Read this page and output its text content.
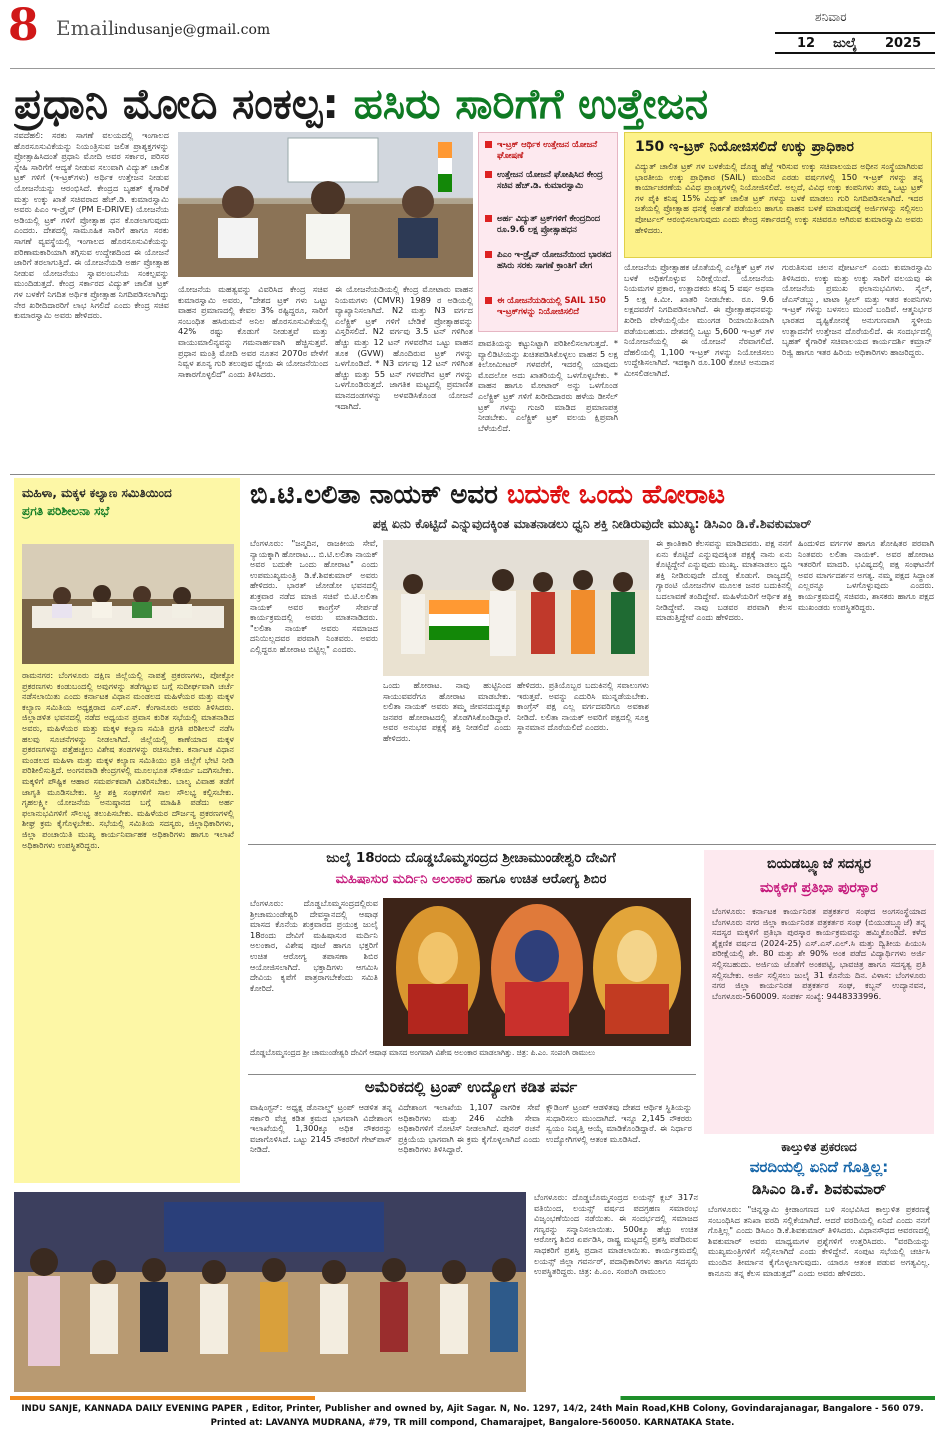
8 Email indusanje@gmail.com
ಶನಿವಾರ
12 ಜುಲೈ 2025
ಪ್ರಧಾನಿ ಮೋದಿ ಸಂಕಲ್ಪ: ಹಸಿರು ಸಾರಿಗೆಗೆ ಉತ್ತೇಜನ
ನವದೆಹಲಿ: ಸರಕು ಸಾಗಣೆ ವಲಯದಲ್ಲಿ ಇಂಗಾಲದ ಹೊರಸೂಸುವಿಕೆಯನ್ನು ನಿಯಂತ್ರಿಸುವ ಜಲಿತ ಪ್ರಾಶ್ಯಕ್ತಗಳನ್ನು ಪ್ರೋತ್ಸಾಹಿಸಿದಂತೆ ಪ್ರಧಾನಿ ಮೋದಿ ಅವರ ಸರ್ಕಾರ, ಪರಿಸರ ಸ್ನೇಹಿ ಸಾರಿಗೆಗೆ ಆದ್ಯತೆ ನೀಡುವ ಸಲುವಾಗಿ ವಿದ್ಯುತ್ ಚಾಲಿತ ಟ್ರಕ್ ಗಳಿಗೆ (ಇ-ಟ್ರಕ್‌ಗಳು) ಅರ್ಥಿಕ ಉತ್ತೇಜನ ನೀಡುವ ಯೋಜನೆಯನ್ನು ಆರಂಭಿಸಿದೆ. ಕೇಂದ್ರದ ಬೃಹತ್ ಕೈಗಾರಿಕೆ ಮತ್ತು ಉಕ್ಕು ಖಾತೆ ಸಚಿವರಾದ ಹೆಚ್.ಡಿ. ಕುಮಾರಸ್ವಾಮಿ ಅವರು ಪಿಎಂ ಇ-ಡ್ರೈವ್ (PM E-DRIVE) ಯೋಜನೆಯ ಅಡಿಯಲ್ಲಿ ಟ್ರಕ್ ಗಳಿಗೆ ಪ್ರೋತ್ಸಾಹ ಧನ ಕೊಡಲಾಗುವುದು ಎಂದರು. ದೇಶದಲ್ಲಿ ಸಾಮೂಹಿಕ ಸಾರಿಗೆ ಹಾಗೂ ಸರಕು ಸಾಗಣೆ ವ್ಯವಸ್ಥೆಯಲ್ಲಿ ಇಂಗಾಲದ ಹೊರಸೂಸುವಿಕೆಯನ್ನು ಪರಿಣಾಮಕಾರಿಯಾಗಿ ತಗ್ಗಿಸುವ ಉದ್ದೇಶದಿಂದ ಈ ಯೋಜನೆ ಜಾರಿಗೆ ತರಲಾಗುತ್ತಿದೆ. ಈ ಯೋಜನೆಯಡಿ ಅರ್ಹ ಪ್ರೋತ್ಸಾಹ ನೀಡುವ ಯೋಜನೆಯು ಸ್ವಾವಲಂಬನೆಯ ಸಂಕಲ್ಪವನ್ನು ಮುಂದಿಡುತ್ತದೆ. ಕೇಂದ್ರ ಸರ್ಕಾರದ ವಿದ್ಯುತ್ ಚಾಲಿತ ಟ್ರಕ್ ಗಳ ಬಳಕೆಗೆ ನಿಗದಿತ ಅರ್ಥಿಕ ಪ್ರೋತ್ಸಾಹ ನಿಗದಿಪಡಿಸಲಾಗಿದ್ದು ನೇರ ಖರೀದಿದಾರರಿಗೆ ಲಾಭ ಸಿಗಲಿದೆ ಎಂದು ಕೇಂದ್ರ ಸಚಿವ ಕುಮಾರಸ್ವಾಮಿ ಅವರು ಹೇಳಿದರು.
ಇ-ಟ್ರಕ್ ಆರ್ಥಿಕ ಉತ್ತೇಜನ ಯೋಜನೆ ಘೋಷಣೆ
ಉತ್ತೇಜನ ಯೋಜನೆ ಘೋಷಿಸಿದ ಕೇಂದ್ರ ಸಚಿವ ಹೆಚ್.ಡಿ. ಕುಮಾರಸ್ವಾಮಿ
ಅರ್ಹ ವಿದ್ಯುತ್ ಟ್ರಕ್‌ಗಳಿಗೆ ಕೇಂದ್ರದಿಂದ ರೂ.9.6 ಲಕ್ಷ ಪ್ರೋತ್ಸಾಹಧನ
ಪಿಎಂ ಇ-ಡ್ರೈವ್ ಯೋಜನೆಯಿಂದ ಭಾರತದ ಹಸಿರು ಸರಕು ಸಾಗಣೆ ಕ್ರಾಂತಿಗೆ ವೇಗ
ಈ ಯೋಜನೆಯಡಿಯಲ್ಲಿ SAIL 150 ಇ-ಟ್ರಕ್‌ಗಳನ್ನು ನಿಯೋಜಿಸಲಿದೆ
150 ಇ-ಟ್ರಕ್ ನಿಯೋಜಿಸಲಿದೆ ಉಕ್ಕು ಪ್ರಾಧಿಕಾರ
ವಿದ್ಯುತ್ ಚಾಲಿತ ಟ್ರಕ್ ಗಳ ಬಳಕೆಯಲ್ಲಿ ದೊಡ್ಡ ಹೆಜ್ಜೆ ಇರಿಸುವ ಉಕ್ಕು ಸಚಿವಾಲಯದ ಅಧೀನ ಸಂಸ್ಥೆಯಾಗಿರುವ ಭಾರತೀಯ ಉಕ್ಕು ಪ್ರಾಧಿಕಾರ (SAIL) ಮುಂದಿನ ಎರಡು ವರ್ಷಗಳಲ್ಲಿ 150 ಇ-ಟ್ರಕ್ ಗಳನ್ನು ತನ್ನ ಕಾರ್ಯಾಚರಣೆಯ ವಿವಿಧ ಪ್ರಾಂತ್ಯಗಳಲ್ಲಿ ನಿಯೋಜಿಸಲಿದೆ. ಅಲ್ಲದೆ, ವಿವಿಧ ಉಕ್ಕು ಕಂಪನಿಗಳು ತಮ್ಮ ಒಟ್ಟು ಟ್ರಕ್ ಗಳ ಪೈಕಿ ಕನಿಷ್ಠ 15% ವಿದ್ಯುತ್ ಚಾಲಿತ ಟ್ರಕ್ ಗಳನ್ನು ಬಳಕೆ ಮಾಡಲು ಗುರಿ ನಿಗದಿಪಡಿಸಲಾಗಿದೆ. ಇದರ ಜತೆಯಲ್ಲಿ ಪ್ರೋತ್ಸಾಹ ಧನಕ್ಕೆ ಅರ್ಹತೆ ಪಡೆಯಲು ಹಾಗೂ ವಾಹನ ಬಳಕೆ ಮಾಡುವುದಕ್ಕೆ ಅರ್ಜಿಗಳನ್ನು ಸಲ್ಲಿಸಲು ಪೋರ್ಟಲ್ ಆರಂಭಿಸಲಾಗುವುದು ಎಂದು ಕೇಂದ್ರ ಸರ್ಕಾರದಲ್ಲಿ ಉಕ್ಕು ಸಚಿವರೂ ಆಗಿರುವ ಕುಮಾರಸ್ವಾಮಿ ಅವರು ಹೇಳಿದರು.
ಯೋಜನೆಯ ಮಹತ್ವವನ್ನು ವಿವರಿಸಿದ ಕೇಂದ್ರ ಸಚಿವ ಕುಮಾರಸ್ವಾಮಿ ಅವರು, "ದೇಶದ ಟ್ರಕ್ ಗಳು ಒಟ್ಟು ವಾಹನ ಪ್ರಮಾಣದಲ್ಲಿ ಕೇವಲ 3% ರಷ್ಟಿದ್ದರೂ, ಸಾರಿಗೆ ಸಂಬಂಧಿತ ಹಸಿರುಮನೆ ಅನಿಲ ಹೊರಸೂಸುವಿಕೆಯಲ್ಲಿ 42% ರಷ್ಟು ಕೊಡುಗೆ ನೀಡುತ್ತವೆ ಮತ್ತು ವಾಯುಮಾಲಿನ್ಯವನ್ನು ಗಮನಾರ್ಹವಾಗಿ ಹೆಚ್ಚಿಸುತ್ತವೆ. ಪ್ರಧಾನ ಮಂತ್ರಿ ಮೋದಿ ಅವರ ನೂತನ 2070ರ ವೇಳೆಗೆ ನಿವ್ವಳ ಶೂನ್ಯ ಗುರಿ ತಲುಪುವ ಧ್ಯೇಯ ಈ ಯೋಜನೆಯಿಂದ ಸಾಕಾರಗೊಳ್ಳಲಿದೆ" ಎಂದು ತಿಳಿಸಿದರು.
ಈ ಯೋಜನೆಯಡಿಯಲ್ಲಿ ಕೇಂದ್ರ ಮೋಟಾರು ವಾಹನ ನಿಯಮಗಳು (CMVR) 1989 ರ ಅಡಿಯಲ್ಲಿ ವ್ಯಾಖ್ಯಾನಿಸಲಾಗಿದೆ. N2 ಮತ್ತು N3 ವರ್ಗದ ಎಲೆಕ್ಟ್ರಿಕ್ ಟ್ರಕ್ ಗಳಿಗೆ ಬೇಡಿಕೆ ಪ್ರೋತ್ಸಾಹವನ್ನು ವಿಸ್ತರಿಸಲಿದೆ. N2 ವರ್ಗವು 3.5 ಟನ್ ಗಳಿಗಿಂತ ಹೆಚ್ಚು ಮತ್ತು 12 ಟನ್ ಗಳವರೆಗಿನ ಒಟ್ಟು ವಾಹನ ತೂಕ (GVW) ಹೊಂದಿರುವ ಟ್ರಕ್ ಗಳನ್ನು ಒಳಗೊಂಡಿದೆ. * N3 ವರ್ಗವು 12 ಟನ್ ಗಳಿಗಿಂತ ಹೆಚ್ಚು ಮತ್ತು 55 ಟನ್ ಗಳವರೆಗಿನ ಟ್ರಕ್ ಗಳನ್ನು ಒಳಗೊಂಡಿರುತ್ತದೆ. ಜಾಗತಿಕ ಮಟ್ಟದಲ್ಲಿ ಪ್ರಮಾಣಿತ ಮಾನದಂಡಗಳನ್ನು ಅಳವಡಿಸಿಕೊಂಡ ಯೋಜನೆ ಇದಾಗಿದೆ.
ಪಾವತಿಯನ್ನು ಕಟ್ಟುನಿಟ್ಟಾಗಿ ಪರಿಶೀಲಿಸಲಾಗುತ್ತದೆ. * ವ್ಯಾಲಿಡಿಟಿಯನ್ನು ಖಚಿತಪಡಿಸಿಕೊಳ್ಳಲು ವಾಹನ 5 ಲಕ್ಷ ಕಿಲೋಮೀಟರ್ ಗಳವರೆಗೆ, ಇದರಲ್ಲಿ ಯಾವುದು ಮೊದಲೋ ಅದು ಖಾತರಿಯಲ್ಲಿ ಒಳಗೊಳ್ಳಬೇಕು. * ವಾಹನ ಹಾಗೂ ಮೋಟಾರ್ ಅನ್ನು ಒಳಗೊಂಡ ಎಲೆಕ್ಟ್ರಿಕ್ ಟ್ರಕ್ ಗಳಿಗೆ ಖರೀದಿದಾರರು ಹಳೆಯ ಡೀಸೆಲ್ ಟ್ರಕ್ ಗಳನ್ನು ಗುಜರಿ ಮಾಡಿದ ಪ್ರಮಾಣಪತ್ರ ನೀಡಬೇಕು. ಎಲೆಕ್ಟ್ರಿಕ್ ಟ್ರಕ್ ವಲಯ ಕ್ಷಿಪ್ರವಾಗಿ ಬೆಳೆಯಲಿದೆ.
ಯೋಜನೆಯ ಪ್ರೋತ್ಸಾಹಕ ಜೊತೆಯಲ್ಲಿ ಎಲೆಕ್ಟ್ರಿಕ್ ಟ್ರಕ್ ಗಳ ಬಳಕೆ ಅಧಿಕಗೊಳ್ಳುವ ನಿರೀಕ್ಷೆಯಿದೆ. ಯೋಜನೆಯ ನಿಯಮಗಳ ಪ್ರಕಾರ, ಉತ್ಪಾದಕರು ಕನಿಷ್ಠ 5 ವರ್ಷ ಅಥವಾ 5 ಲಕ್ಷ ಕಿ.ಮೀ. ಖಾತರಿ ನೀಡಬೇಕು. ರೂ. 9.6 ಲಕ್ಷದವರೆಗೆ ನಿಗದಿಪಡಿಸಲಾಗಿದೆ. ಈ ಪ್ರೋತ್ಸಾಹಧನವನ್ನು ಖರೀದಿ ವೇಳೆಯಲ್ಲಿಯೇ ಮುಂಗಡ ರಿಯಾಯಿತಿಯಾಗಿ ಪಡೆಯಬಹುದು. ದೇಶದಲ್ಲಿ ಒಟ್ಟು 5,600 ಇ-ಟ್ರಕ್ ಗಳ ನಿಯೋಜನೆಯಲ್ಲಿ ಈ ಯೋಜನೆ ನೆರವಾಗಲಿದೆ. ದೆಹಲಿಯಲ್ಲಿ 1,100 ಇ-ಟ್ರಕ್ ಗಳನ್ನು ನಿಯೋಜಿಸಲು ಉದ್ದೇಶಿಸಲಾಗಿದೆ. ಇದಕ್ಕಾಗಿ ರೂ.100 ಕೋಟಿ ಅನುದಾನ ಮೀಸಲಿಡಲಾಗಿದೆ.
ಗುರುತಿಸುವ ಚಲನ ಪೋರ್ಟಲ್ ಎಂದು ಕುಮಾರಸ್ವಾಮಿ ತಿಳಿಸಿದರು. ಉಕ್ಕು ಮತ್ತು ಉಕ್ಕು ಸಾರಿಗೆ ವಲಯವು ಈ ಯೋಜನೆಯ ಪ್ರಮುಖ ಫಲಾನುಭವಿಗಳು. ಸೈಲ್, ಜೆಎಸ್‌ಡಬ್ಲ್ಯು, ಟಾಟಾ ಸ್ಟೀಲ್ ಮತ್ತು ಇತರ ಕಂಪನಿಗಳು ಇ-ಟ್ರಕ್ ಗಳನ್ನು ಬಳಸಲು ಮುಂದೆ ಬಂದಿವೆ. ಆತ್ಮನಿರ್ಭರ ಭಾರತದ ದೃಷ್ಟಿಕೋನಕ್ಕೆ ಅನುಗುಣವಾಗಿ ಸ್ಥಳೀಯ ಉತ್ಪಾದನೆಗೆ ಉತ್ತೇಜನ ದೊರೆಯಲಿದೆ. ಈ ಸಂದರ್ಭದಲ್ಲಿ ಬೃಹತ್ ಕೈಗಾರಿಕೆ ಸಚಿವಾಲಯದ ಕಾರ್ಯದರ್ಶಿ ಕಮ್ರಾನ್ ರಿಜ್ವಿ ಹಾಗೂ ಇತರ ಹಿರಿಯ ಅಧಿಕಾರಿಗಳು ಹಾಜರಿದ್ದರು.
ಮಹಿಳಾ, ಮಕ್ಕಳ ಕಲ್ಯಾಣ ಸಮಿತಿಯಿಂದ
ಪ್ರಗತಿ ಪರಿಶೀಲನಾ ಸಭೆ
ರಾಮನಗರ: ಬೆಂಗಳೂರು ದಕ್ಷಿಣ ಜಿಲ್ಲೆಯಲ್ಲಿ ನಾಪತ್ತೆ ಪ್ರಕರಣಗಳು, ಪೋಕ್ಸೋ ಪ್ರಕರಣಗಳು ಕಂಡುಬಂದಲ್ಲಿ ಅವುಗಳನ್ನು ತಡೆಗಟ್ಟುವ ಬಗ್ಗೆ ಸುದೀರ್ಘವಾಗಿ ಚರ್ಚೆ ನಡೆಸಲಾಯಿತು ಎಂದು ಕರ್ನಾಟಕ ವಿಧಾನ ಮಂಡಲದ ಮಹಿಳೆಯರ ಮತ್ತು ಮಕ್ಕಳ ಕಲ್ಯಾಣ ಸಮಿತಿಯ ಅಧ್ಯಕ್ಷರಾದ ಎಸ್.ಎಸ್. ಕೆಂಗಾನೂರು ಅವರು ತಿಳಿಸಿದರು. ಜಿಲ್ಲಾಡಳಿತ ಭವನದಲ್ಲಿ ನಡೆದ ಅಧ್ಯಯನ ಪ್ರವಾಸ ಕುರಿತ ಸಭೆಯಲ್ಲಿ ಮಾತನಾಡಿದ ಅವರು, ಮಹಿಳೆಯರ ಮತ್ತು ಮಕ್ಕಳ ಕಲ್ಯಾಣ ಸಮಿತಿ ಪ್ರಗತಿ ಪರಿಶೀಲನೆ ನಡೆಸಿ ಹಲವು ಸೂಚನೆಗಳನ್ನು ನೀಡಲಾಗಿದೆ. ಜಿಲ್ಲೆಯಲ್ಲಿ ಕಾಣೆಯಾದ ಮಕ್ಕಳ ಪ್ರಕರಣಗಳನ್ನು ಪತ್ತೆಹಚ್ಚಲು ವಿಶೇಷ ತಂಡಗಳನ್ನು ರಚಿಸಬೇಕು. ಕರ್ನಾಟಕ ವಿಧಾನ ಮಂಡಲದ ಮಹಿಳಾ ಮತ್ತು ಮಕ್ಕಳ ಕಲ್ಯಾಣ ಸಮಿತಿಯು ಪ್ರತಿ ಜಿಲ್ಲೆಗೆ ಭೇಟಿ ನೀಡಿ ಪರಿಶೀಲಿಸುತ್ತಿದೆ. ಅಂಗನವಾಡಿ ಕೇಂದ್ರಗಳಲ್ಲಿ ಮೂಲಭೂತ ಸೌಕರ್ಯ ಒದಗಿಸಬೇಕು. ಮಕ್ಕಳಿಗೆ ಪೌಷ್ಟಿಕ ಆಹಾರ ಸಮರ್ಪಕವಾಗಿ ವಿತರಿಸಬೇಕು. ಬಾಲ್ಯ ವಿವಾಹ ತಡೆಗೆ ಜಾಗೃತಿ ಮೂಡಿಸಬೇಕು. ಸ್ತ್ರೀ ಶಕ್ತಿ ಸಂಘಗಳಿಗೆ ಸಾಲ ಸೌಲಭ್ಯ ಕಲ್ಪಿಸಬೇಕು. ಗೃಹಲಕ್ಷ್ಮೀ ಯೋಜನೆಯ ಅನುಷ್ಠಾನದ ಬಗ್ಗೆ ಮಾಹಿತಿ ಪಡೆದು ಅರ್ಹ ಫಲಾನುಭವಿಗಳಿಗೆ ಸೌಲಭ್ಯ ತಲುಪಿಸಬೇಕು. ಮಹಿಳೆಯರ ದೌರ್ಜನ್ಯ ಪ್ರಕರಣಗಳಲ್ಲಿ ಶೀಘ್ರ ಕ್ರಮ ಕೈಗೊಳ್ಳಬೇಕು. ಸಭೆಯಲ್ಲಿ ಸಮಿತಿಯ ಸದಸ್ಯರು, ಜಿಲ್ಲಾಧಿಕಾರಿಗಳು, ಜಿಲ್ಲಾ ಪಂಚಾಯಿತಿ ಮುಖ್ಯ ಕಾರ್ಯನಿರ್ವಾಹಕ ಅಧಿಕಾರಿಗಳು ಹಾಗೂ ಇಲಾಖೆ ಅಧಿಕಾರಿಗಳು ಉಪಸ್ಥಿತರಿದ್ದರು.
ಬಿ.ಟಿ.ಲಲಿತಾ ನಾಯಕ್ ಅವರ ಬದುಕೇ ಒಂದು ಹೋರಾಟ
ಪಕ್ಷ ಏನು ಕೊಟ್ಟಿದೆ ಎನ್ನುವುದಕ್ಕಿಂತ ಮಾತನಾಡಲು ಧ್ವನಿ ಶಕ್ತಿ ನೀಡಿರುವುದೇ ಮುಖ್ಯ: ಡಿಸಿಎಂ ಡಿ.ಕೆ.ಶಿವಕುಮಾರ್
ಬೆಂಗಳೂರು: "ಜನ್ಮದಿನ, ರಾಜಕೀಯ ಸೇವೆ, ನ್ಯಾಯಕ್ಕಾಗಿ ಹೋರಾಟ... ಬಿ.ಟಿ.ಲಲಿತಾ ನಾಯಕ್ ಅವರ ಬದುಕೇ ಒಂದು ಹೋರಾಟ" ಎಂದು ಉಪಮುಖ್ಯಮಂತ್ರಿ ಡಿ.ಕೆ.ಶಿವಕುಮಾರ್ ಅವರು ಹೇಳಿದರು. ಭಾರತ್ ಜೋಡೋ ಭವನದಲ್ಲಿ ಶುಕ್ರವಾರ ನಡೆದ ಮಾಜಿ ಸಚಿವೆ ಬಿ.ಟಿ.ಲಲಿತಾ ನಾಯಕ್ ಅವರ ಕಾಂಗ್ರೆಸ್ ಸೇರ್ಪಡೆ ಕಾರ್ಯಕ್ರಮದಲ್ಲಿ ಅವರು ಮಾತನಾಡಿದರು. "ಲಲಿತಾ ನಾಯಕ್ ಅವರು ಸಮಾಜದ ದನಿಯಿಲ್ಲದವರ ಪರವಾಗಿ ನಿಂತವರು. ಅವರು ಎಲ್ಲಿದ್ದರೂ ಹೋರಾಟ ಬಿಟ್ಟಿಲ್ಲ" ಎಂದರು.
ಒಂದು ಹೋರಾಟ. ನಾವು ಹುಟ್ಟಿನಿಂದ ಸಾಯುವವರೆಗೂ ಹೋರಾಟ ಮಾಡಬೇಕು. ಲಲಿತಾ ನಾಯಕ್ ಅವರು ತಮ್ಮ ಜೀವನದುದ್ದಕ್ಕೂ ಜನಪರ ಹೋರಾಟದಲ್ಲಿ ತೊಡಗಿಸಿಕೊಂಡಿದ್ದಾರೆ. ಅವರ ಅನುಭವ ಪಕ್ಷಕ್ಕೆ ಶಕ್ತಿ ನೀಡಲಿದೆ ಎಂದು ಹೇಳಿದರು.
ಹೇಳಿದರು. ಪ್ರತಿಯೊಬ್ಬರ ಬದುಕಿನಲ್ಲಿ ಸವಾಲುಗಳು ಇರುತ್ತವೆ. ಅವನ್ನು ಎದುರಿಸಿ ಮುನ್ನಡೆಯಬೇಕು. ಕಾಂಗ್ರೆಸ್ ಪಕ್ಷ ಎಲ್ಲ ವರ್ಗದವರಿಗೂ ಅವಕಾಶ ನೀಡಿದೆ. ಲಲಿತಾ ನಾಯಕ್ ಅವರಿಗೆ ಪಕ್ಷದಲ್ಲಿ ಸೂಕ್ತ ಸ್ಥಾನಮಾನ ದೊರೆಯಲಿದೆ ಎಂದರು.
ಈ ಕ್ರಾಂತಿಕಾರಿ ಕೆಲಸವನ್ನು ಮಾಡಿದವರು. ಪಕ್ಷ ನನಗೆ ಏನು ಕೊಟ್ಟಿದೆ ಎನ್ನುವುದಕ್ಕಿಂತ ಪಕ್ಷಕ್ಕೆ ನಾನು ಏನು ಕೊಟ್ಟಿದ್ದೇನೆ ಎನ್ನುವುದು ಮುಖ್ಯ. ಮಾತನಾಡಲು ಧ್ವನಿ ಶಕ್ತಿ ನೀಡಿರುವುದೇ ದೊಡ್ಡ ಕೊಡುಗೆ. ರಾಜ್ಯದಲ್ಲಿ ಗ್ಯಾರಂಟಿ ಯೋಜನೆಗಳ ಮೂಲಕ ಜನರ ಬದುಕಿನಲ್ಲಿ ಬದಲಾವಣೆ ತಂದಿದ್ದೇವೆ. ಮಹಿಳೆಯರಿಗೆ ಆರ್ಥಿಕ ಶಕ್ತಿ ನೀಡಿದ್ದೇವೆ. ನಾವು ಬಡವರ ಪರವಾಗಿ ಕೆಲಸ ಮಾಡುತ್ತಿದ್ದೇವೆ ಎಂದು ಹೇಳಿದರು.
ಹಿಂದುಳಿದ ವರ್ಗಗಳ ಹಾಗೂ ಶೋಷಿತರ ಪರವಾಗಿ ನಿಂತವರು ಲಲಿತಾ ನಾಯಕ್. ಅವರ ಹೋರಾಟ ಇತರರಿಗೆ ಮಾದರಿ. ಭವಿಷ್ಯದಲ್ಲಿ ಪಕ್ಷ ಸಂಘಟನೆಗೆ ಅವರ ಮಾರ್ಗದರ್ಶನ ಅಗತ್ಯ. ನಮ್ಮ ಪಕ್ಷದ ಸಿದ್ಧಾಂತ ಎಲ್ಲರನ್ನೂ ಒಳಗೊಳ್ಳುವುದು ಎಂದರು. ಕಾರ್ಯಕ್ರಮದಲ್ಲಿ ಸಚಿವರು, ಶಾಸಕರು ಹಾಗೂ ಪಕ್ಷದ ಮುಖಂಡರು ಉಪಸ್ಥಿತರಿದ್ದರು.
ಜುಲೈ 18ರಂದು ದೊಡ್ಡಬೊಮ್ಮಸಂದ್ರದ ಶ್ರೀಚಾಮುಂಡೇಶ್ವರಿ ದೇವಿಗೆ
ಮಹಿಷಾಸುರ ಮರ್ದಿನಿ ಅಲಂಕಾರ ಹಾಗೂ ಉಚಿತ ಆರೋಗ್ಯ ಶಿಬಿರ
ಬೆಂಗಳೂರು: ದೊಡ್ಡಬೊಮ್ಮಸಂದ್ರದಲ್ಲಿರುವ ಶ್ರೀಚಾಮುಂಡೇಶ್ವರಿ ದೇವಸ್ಥಾನದಲ್ಲಿ ಆಷಾಢ ಮಾಸದ ಕೊನೆಯ ಶುಕ್ರವಾರದ ಪ್ರಯುಕ್ತ ಜುಲೈ 18ರಂದು ದೇವಿಗೆ ಮಹಿಷಾಸುರ ಮರ್ದಿನಿ ಅಲಂಕಾರ, ವಿಶೇಷ ಪೂಜೆ ಹಾಗೂ ಭಕ್ತರಿಗೆ ಉಚಿತ ಆರೋಗ್ಯ ತಪಾಸಣಾ ಶಿಬಿರ ಆಯೋಜಿಸಲಾಗಿದೆ. ಭಕ್ತಾದಿಗಳು ಆಗಮಿಸಿ ದೇವಿಯ ಕೃಪೆಗೆ ಪಾತ್ರರಾಗಬೇಕೆಂದು ಸಮಿತಿ ಕೋರಿದೆ.
ದೊಡ್ಡಬೊಮ್ಮಸಂದ್ರದ ಶ್ರೀ ಚಾಮುಂಡೇಶ್ವರಿ ದೇವಿಗೆ ಆಷಾಢ ಮಾಸದ ಅಂಗವಾಗಿ ವಿಶೇಷ ಅಲಂಕಾರ ಮಾಡಲಾಗಿತ್ತು. ಚಿತ್ರ: ಪಿ.ಎಂ. ಸಂಪಂಗಿ ರಾಮುಲು
ಬಿಯಡಬ್ಲ್ಯೂಜೆ ಸದಸ್ಯರ
ಮಕ್ಕಳಿಗೆ ಪ್ರತಿಭಾ ಪುರಸ್ಕಾರ
ಬೆಂಗಳೂರು: ಕರ್ನಾಟಕ ಕಾರ್ಯನಿರತ ಪತ್ರಕರ್ತರ ಸಂಘದ ಅಂಗಸಂಸ್ಥೆಯಾದ ಬೆಂಗಳೂರು ನಗರ ಜಿಲ್ಲಾ ಕಾರ್ಯನಿರತ ಪತ್ರಕರ್ತರ ಸಂಘ (ಬಿಯುಡಬ್ಲ್ಯೂಜೆ) ತನ್ನ ಸದಸ್ಯರ ಮಕ್ಕಳಿಗೆ ಪ್ರತಿಭಾ ಪುರಸ್ಕಾರ ಕಾರ್ಯಕ್ರಮವನ್ನು ಹಮ್ಮಿಕೊಂಡಿದೆ. ಕಳೆದ ಶೈಕ್ಷಣಿಕ ವರ್ಷದ (2024-25) ಎಸ್.ಎಸ್.ಎಲ್.ಸಿ ಮತ್ತು ದ್ವಿತೀಯ ಪಿಯುಸಿ ಪರೀಕ್ಷೆಯಲ್ಲಿ ಶೇ. 80 ಮತ್ತು ಶೇ 90% ಅಂಕ ಪಡೆದ ವಿದ್ಯಾರ್ಥಿಗಳು ಅರ್ಜಿ ಸಲ್ಲಿಸಬಹುದು. ಅರ್ಜಿಯ ಜೊತೆಗೆ ಅಂಕಪಟ್ಟಿ, ಭಾವಚಿತ್ರ ಹಾಗೂ ಸದಸ್ಯತ್ವ ಪ್ರತಿ ಸಲ್ಲಿಸಬೇಕು. ಅರ್ಜಿ ಸಲ್ಲಿಸಲು ಜುಲೈ 31 ಕೊನೆಯ ದಿನ. ವಿಳಾಸ: ಬೆಂಗಳೂರು ನಗರ ಜಿಲ್ಲಾ ಕಾರ್ಯನಿರತ ಪತ್ರಕರ್ತರ ಸಂಘ, ಕಬ್ಬನ್ ಉದ್ಯಾನವನ, ಬೆಂಗಳೂರು-560009. ಸಂಪರ್ಕ ಸಂಖ್ಯೆ: 9448333996.
ಅಮೆರಿಕದಲ್ಲಿ ಟ್ರಂಪ್ ಉದ್ಯೋಗ ಕಡಿತ ಪರ್ವ
ವಾಷಿಂಗ್ಟನ್: ಅಧ್ಯಕ್ಷ ಡೊನಾಲ್ಡ್ ಟ್ರಂಪ್ ಆಡಳಿತ ತನ್ನ ಸರ್ಕಾರಿ ವೆಚ್ಚ ಕಡಿತ ಕ್ರಮದ ಭಾಗವಾಗಿ ವಿದೇಶಾಂಗ ಇಲಾಖೆಯಲ್ಲಿ 1,300ಕ್ಕೂ ಅಧಿಕ ನೌಕರರನ್ನು ವಜಾಗೊಳಿಸಿದೆ. ಒಟ್ಟು 2145 ನೌಕರರಿಗೆ ಗೇಟ್‌ಪಾಸ್ ನೀಡಿದೆ.
ವಿದೇಶಾಂಗ ಇಲಾಖೆಯ 1,107 ನಾಗರಿಕ ಸೇವೆ ಅಧಿಕಾರಿಗಳು ಮತ್ತು 246 ವಿದೇಶಿ ಸೇವಾ ಅಧಿಕಾರಿಗಳಿಗೆ ನೋಟಿಸ್ ನೀಡಲಾಗಿದೆ. ಪುನರ್ ರಚನೆ ಪ್ರಕ್ರಿಯೆಯ ಭಾಗವಾಗಿ ಈ ಕ್ರಮ ಕೈಗೊಳ್ಳಲಾಗಿದೆ ಎಂದು ಅಧಿಕಾರಿಗಳು ತಿಳಿಸಿದ್ದಾರೆ.
ಕ್ಲೌಡಿಂಗ್ ಟ್ರಂಪ್ ಆಡಳಿತವು ದೇಶದ ಆರ್ಥಿಕ ಸ್ಥಿತಿಯನ್ನು ಸುಧಾರಿಸಲು ಮುಂದಾಗಿದೆ. ಇನ್ನೂ 2,145 ನೌಕರರು ಸ್ವಯಂ ನಿವೃತ್ತಿ ಆಯ್ಕೆ ಮಾಡಿಕೊಂಡಿದ್ದಾರೆ. ಈ ನಿರ್ಧಾರ ಉದ್ಯೋಗಿಗಳಲ್ಲಿ ಆತಂಕ ಮೂಡಿಸಿದೆ.
ಕಾಲ್ತುಳಿತ ಪ್ರಕರಣದ
ವರದಿಯಲ್ಲಿ ಏನಿದೆ ಗೊತ್ತಿಲ್ಲ:
ಡಿಸಿಎಂ ಡಿ.ಕೆ. ಶಿವಕುಮಾರ್
ಬೆಂಗಳೂರು: "ಚಿನ್ನಸ್ವಾಮಿ ಕ್ರೀಡಾಂಗಣದ ಬಳಿ ಸಂಭವಿಸಿದ ಕಾಲ್ತುಳಿತ ಪ್ರಕರಣಕ್ಕೆ ಸಂಬಂಧಿಸಿದ ತನಿಖಾ ವರದಿ ಸಲ್ಲಿಕೆಯಾಗಿದೆ. ಆದರೆ ವರದಿಯಲ್ಲಿ ಏನಿದೆ ಎಂದು ನನಗೆ ಗೊತ್ತಿಲ್ಲ" ಎಂದು ಡಿಸಿಎಂ ಡಿ.ಕೆ.ಶಿವಕುಮಾರ್ ತಿಳಿಸಿದರು. ವಿಧಾನಸೌಧದ ಆವರಣದಲ್ಲಿ ಶಿವಕುಮಾರ್ ಅವರು ಮಾಧ್ಯಮಗಳ ಪ್ರಶ್ನೆಗಳಿಗೆ ಉತ್ತರಿಸಿದರು. "ವರದಿಯನ್ನು ಮುಖ್ಯಮಂತ್ರಿಗಳಿಗೆ ಸಲ್ಲಿಸಲಾಗಿದೆ ಎಂದು ಕೇಳಿದ್ದೇನೆ. ಸಂಪುಟ ಸಭೆಯಲ್ಲಿ ಚರ್ಚಿಸಿ ಮುಂದಿನ ತೀರ್ಮಾನ ಕೈಗೊಳ್ಳಲಾಗುವುದು. ಯಾರೂ ಆತಂಕ ಪಡುವ ಅಗತ್ಯವಿಲ್ಲ. ಕಾನೂನು ತನ್ನ ಕೆಲಸ ಮಾಡುತ್ತದೆ" ಎಂದು ಅವರು ಹೇಳಿದರು.
ಬೆಂಗಳೂರು: ದೊಡ್ಡಬೊಮ್ಮಸಂದ್ರದ ಲಯನ್ಸ್ ಕ್ಲಬ್ 317ನ ವತಿಯಿಂದ, ಲಯನ್ಸ್ ವರ್ಷದ ಪದಗ್ರಹಣ ಸಮಾರಂಭ ವಿಜೃಂಭಣೆಯಿಂದ ನಡೆಯಿತು. ಈ ಸಂದರ್ಭದಲ್ಲಿ ಸಮಾಜದ ಗಣ್ಯರನ್ನು ಸನ್ಮಾನಿಸಲಾಯಿತು. 500ಕ್ಕೂ ಹೆಚ್ಚು ಉಚಿತ ಆರೋಗ್ಯ ಶಿಬಿರ ಏರ್ಪಡಿಸಿ, ರಾಷ್ಟ್ರ ಮಟ್ಟದಲ್ಲಿ ಪ್ರಶಸ್ತಿ ಪಡೆದಿರುವ ಸಾಧಕರಿಗೆ ಪ್ರಶಸ್ತಿ ಪ್ರದಾನ ಮಾಡಲಾಯಿತು. ಕಾರ್ಯಕ್ರಮದಲ್ಲಿ ಲಯನ್ಸ್ ಜಿಲ್ಲಾ ಗವರ್ನರ್, ಪದಾಧಿಕಾರಿಗಳು ಹಾಗೂ ಸದಸ್ಯರು ಉಪಸ್ಥಿತರಿದ್ದರು. ಚಿತ್ರ: ಪಿ.ಎಂ. ಸಂಪಂಗಿ ರಾಮುಲು
INDU SANJE, KANNADA DAILY EVENING PAPER , Editor, Printer, Publisher and owned by, Ajit Sagar. N, No. 1297, 14/2, 24th Main Road,KHB Colony, Govindarajanagar, Bangalore - 560 079.
Printed at: LAVANYA MUDRANA, #79, TR mill compond, Chamarajpet, Bangalore-560050. KARNATAKA State.
